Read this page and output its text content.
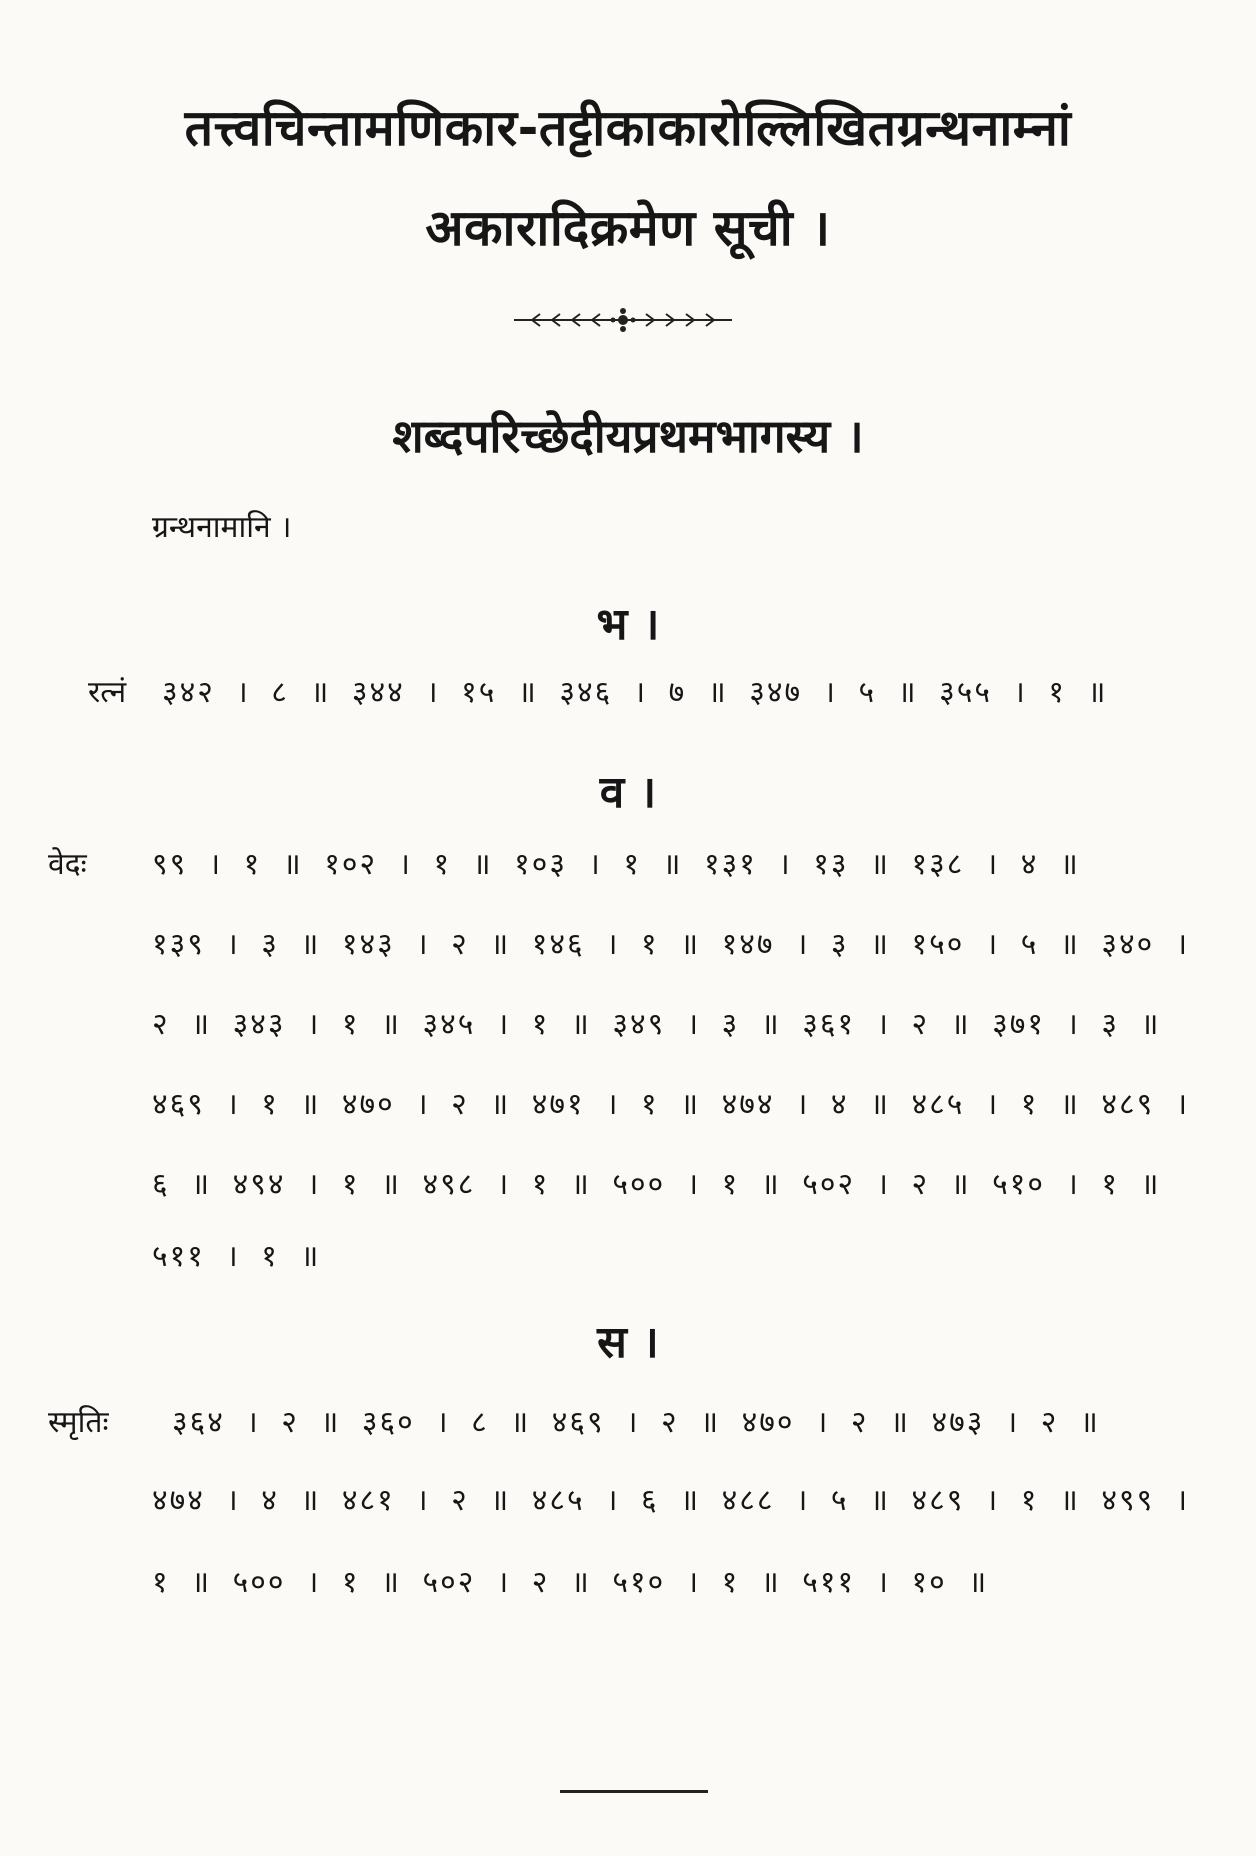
तत्त्वचिन्तामणिकार-तट्टीकाकारोल्लिखितग्रन्थनाम्नां
अकारादिक्रमेण सूची ।
शब्दपरिच्छेदीयप्रथमभागस्य ।
ग्रन्थनामानि ।
भ ।
रत्नं ३४२ । ८ ॥ ३४४ । १५ ॥ ३४६ । ७ ॥ ३४७ । ५ ॥ ३५५ । १ ॥
व ।
वेदः ९९ । १ ॥ १०२ । १ ॥ १०३ । १ ॥ १३१ । १३ ॥ १३८ । ४ ॥
१३९ । ३ ॥ १४३ । २ ॥ १४६ । १ ॥ १४७ । ३ ॥ १५० । ५ ॥ ३४० ।
२ ॥ ३४३ । १ ॥ ३४५ । १ ॥ ३४९ । ३ ॥ ३६१ । २ ॥ ३७१ । ३ ॥
४६९ । १ ॥ ४७० । २ ॥ ४७१ । १ ॥ ४७४ । ४ ॥ ४८५ । १ ॥ ४८९ ।
६ ॥ ४९४ । १ ॥ ४९८ । १ ॥ ५०० । १ ॥ ५०२ । २ ॥ ५१० । १ ॥
५११ । १ ॥
स ।
स्मृतिः ३६४ । २ ॥ ३६० । ८ ॥ ४६९ । २ ॥ ४७० । २ ॥ ४७३ । २ ॥
४७४ । ४ ॥ ४८१ । २ ॥ ४८५ । ६ ॥ ४८८ । ५ ॥ ४८९ । १ ॥ ४९९ ।
१ ॥ ५०० । १ ॥ ५०२ । २ ॥ ५१० । १ ॥ ५११ । १० ॥
